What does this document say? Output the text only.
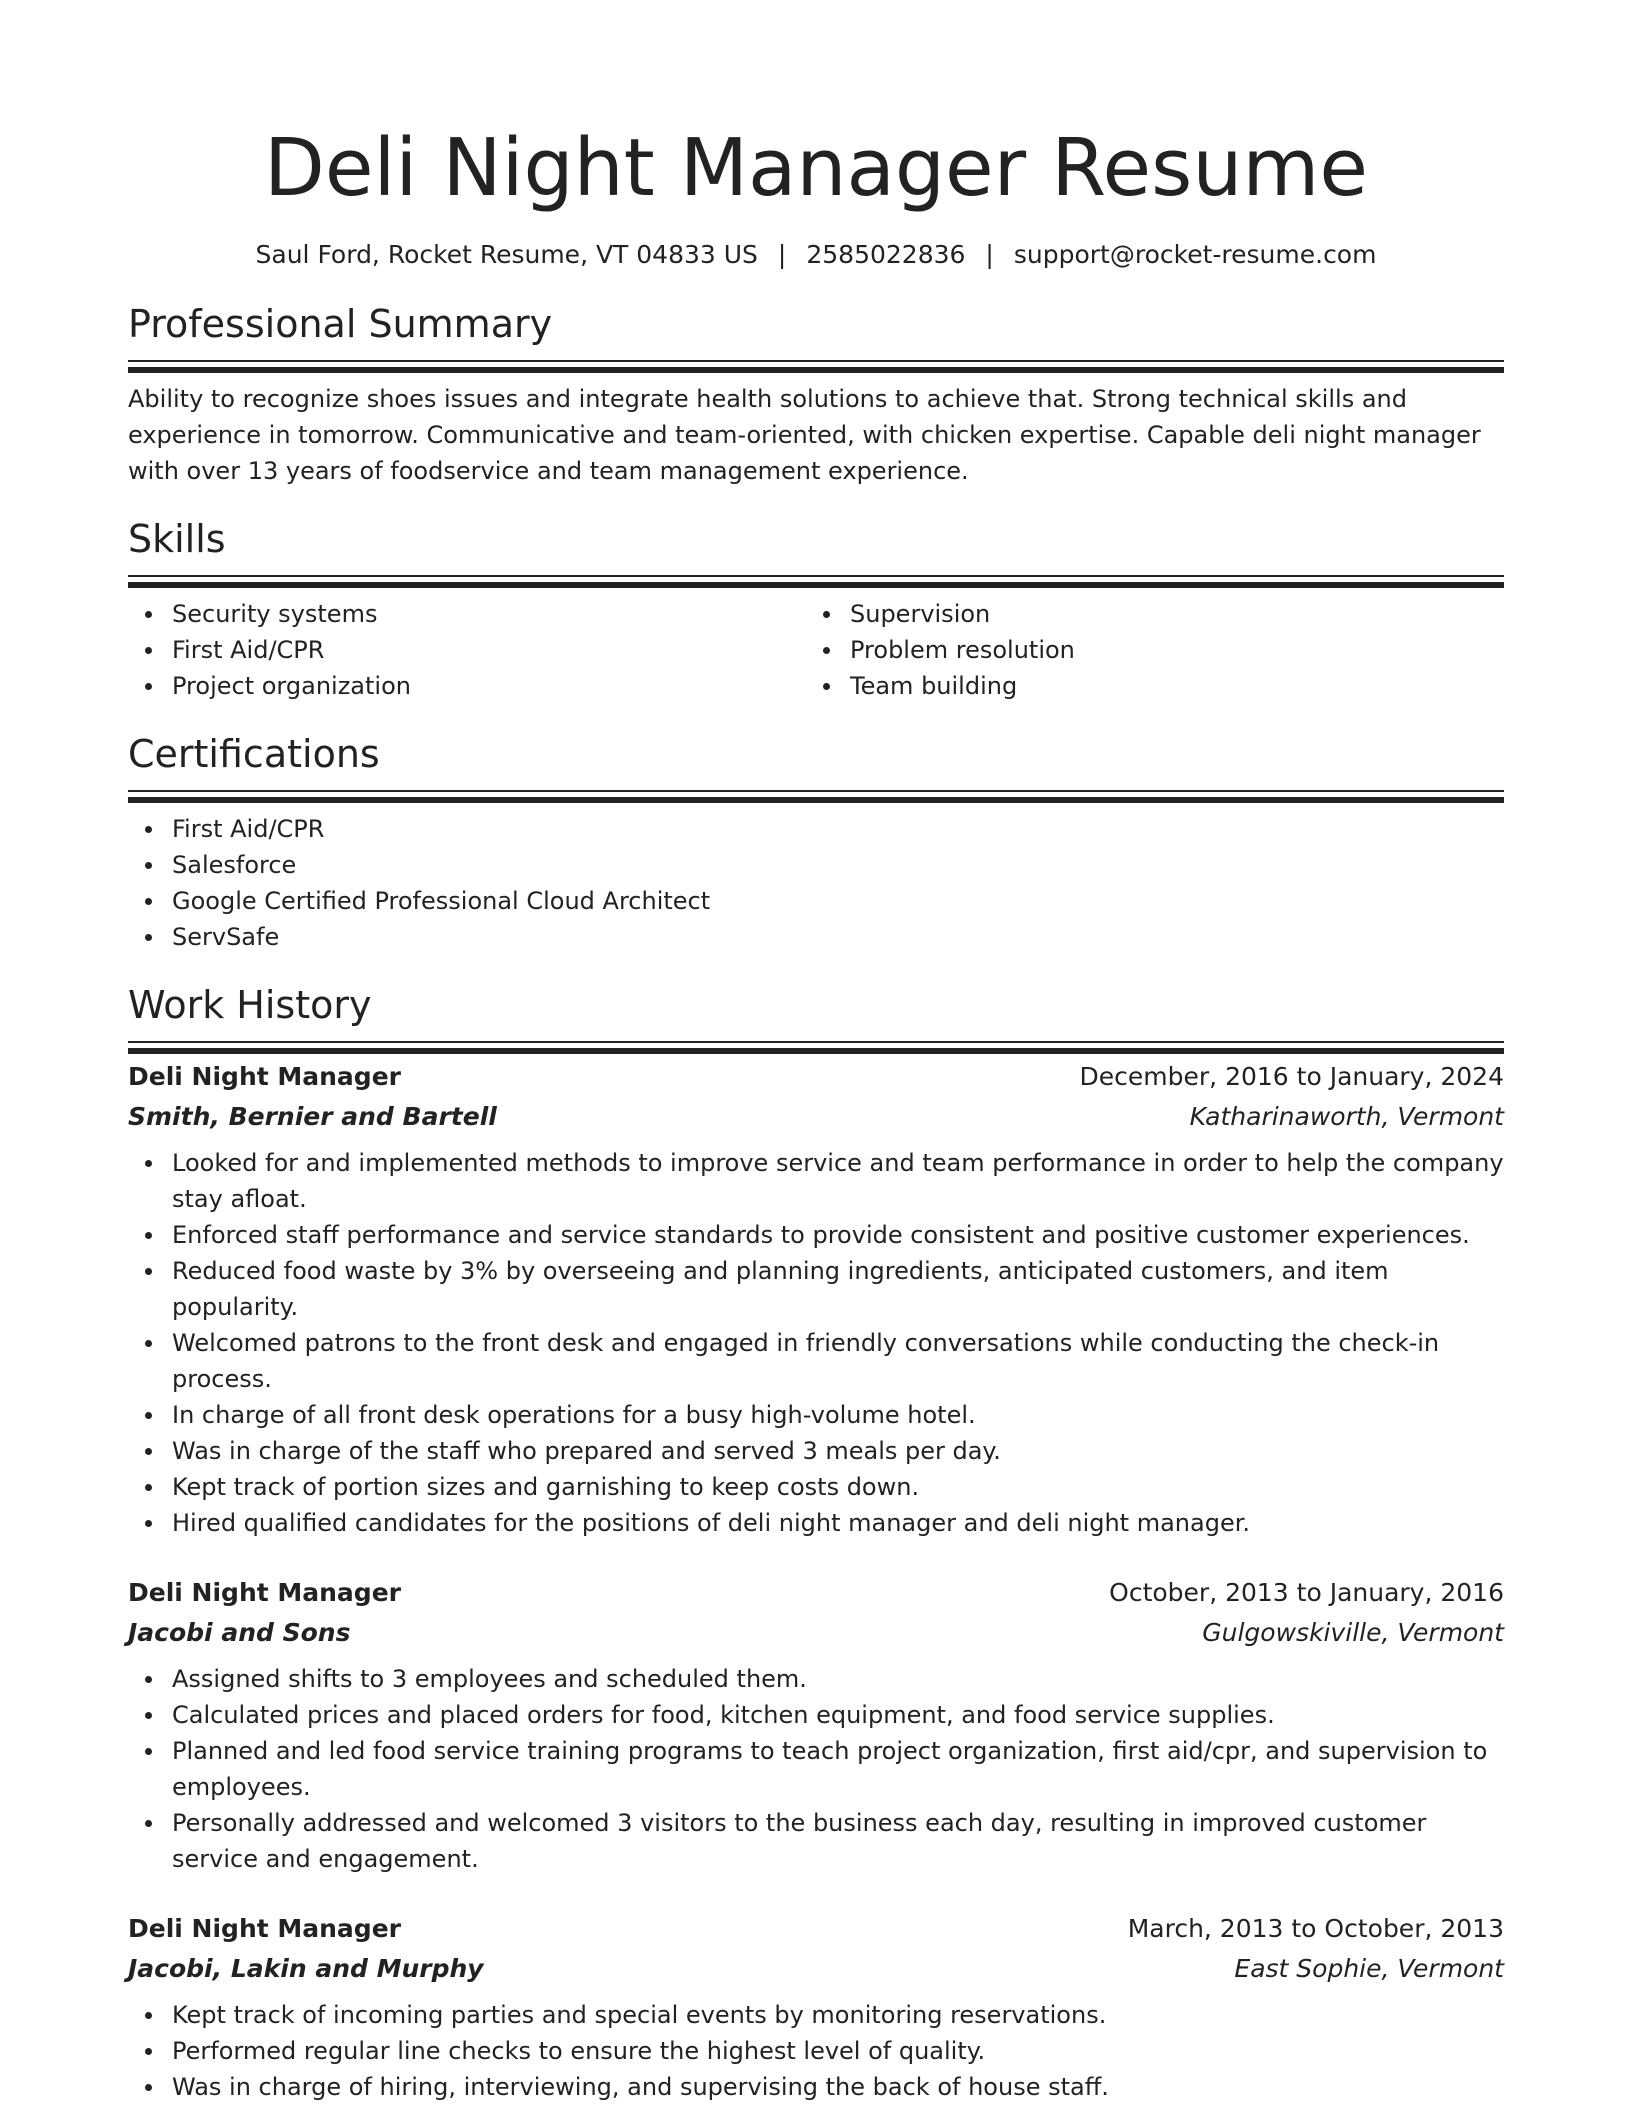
Deli Night Manager Resume
Saul Ford, Rocket Resume, VT 04833 US | 2585022836 | support@rocket-resume.com
Professional Summary

Ability to recognize shoes issues and integrate health solutions to achieve that. Strong technical skills and experience in tomorrow. Communicative and team-oriented, with chicken expertise. Capable deli night manager with over 13 years of foodservice and team management experience.

Skills
Security systems
First Aid/CPR
Project organization
Supervision
Problem resolution
Team building
Certifications
First Aid/CPR
Salesforce
Google Certified Professional Cloud Architect
ServSafe
Work History
Deli Night Manager	December, 2016 to January, 2024
Smith, Bernier and Bartell	Katharinaworth, Vermont
Looked for and implemented methods to improve service and team performance in order to help the company stay afloat.
Enforced staff performance and service standards to provide consistent and positive customer experiences.
Reduced food waste by 3% by overseeing and planning ingredients, anticipated customers, and item popularity.
Welcomed patrons to the front desk and engaged in friendly conversations while conducting the check-in process.
In charge of all front desk operations for a busy high-volume hotel.
Was in charge of the staff who prepared and served 3 meals per day.
Kept track of portion sizes and garnishing to keep costs down.
Hired qualified candidates for the positions of deli night manager and deli night manager.
Deli Night Manager	October, 2013 to January, 2016
Jacobi and Sons	Gulgowskiville, Vermont
Assigned shifts to 3 employees and scheduled them.
Calculated prices and placed orders for food, kitchen equipment, and food service supplies.
Planned and led food service training programs to teach project organization, first aid/cpr, and supervision to employees.
Personally addressed and welcomed 3 visitors to the business each day, resulting in improved customer service and engagement.
Deli Night Manager	March, 2013 to October, 2013
Jacobi, Lakin and Murphy	East Sophie, Vermont
Kept track of incoming parties and special events by monitoring reservations.
Performed regular line checks to ensure the highest level of quality.
Was in charge of hiring, interviewing, and supervising the back of house staff.
